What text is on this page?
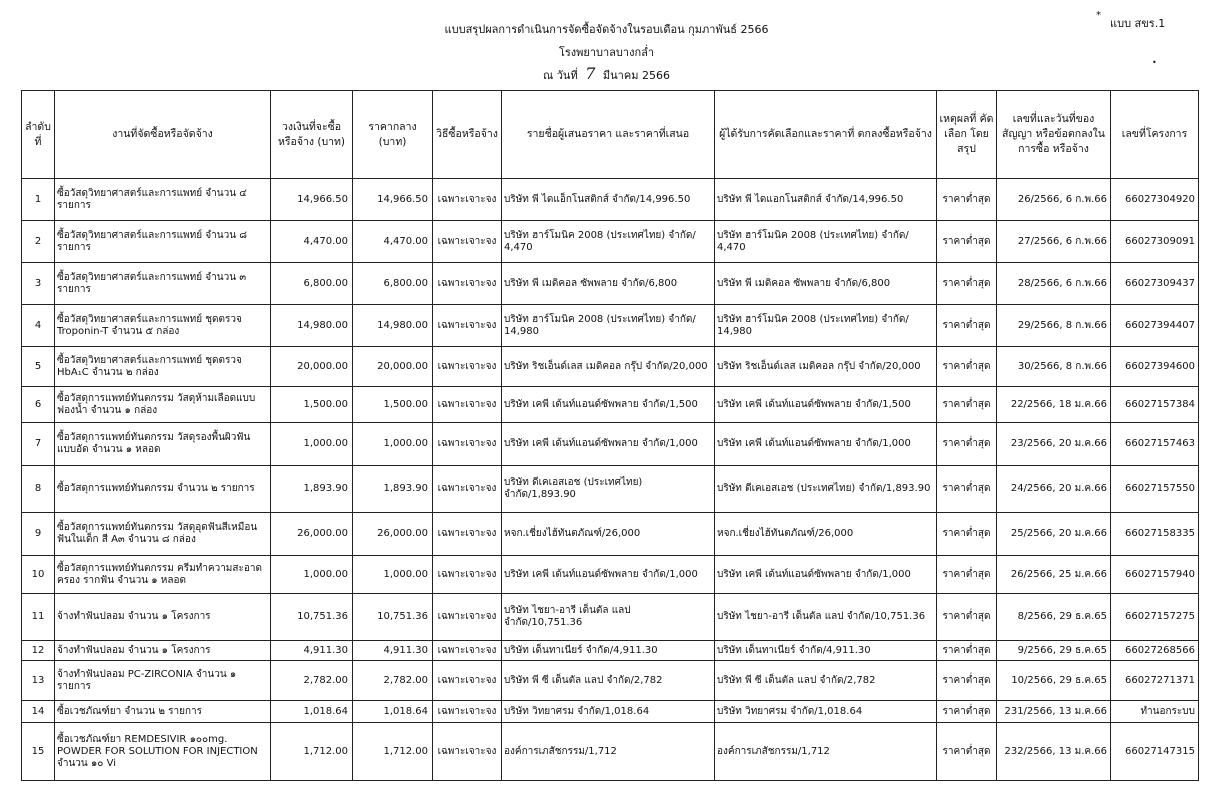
แบบสรุปผลการดำเนินการจัดซื้อจัดจ้างในรอบเดือน กุมภาพันธ์ 2566
*
แบบ สขร.1
โรงพยาบาลบางกล่ำ
•
ณ วันที่ 7 มีนาคม 2566
ลำดับที่	งานที่จัดซื้อหรือจัดจ้าง	วงเงินที่จะซื้อหรือจ้าง (บาท)	ราคากลาง (บาท)	วิธีซื้อหรือจ้าง	รายชื่อผู้เสนอราคา และราคาที่เสนอ	ผู้ได้รับการคัดเลือกและราคาที่ ตกลงซื้อหรือจ้าง	เหตุผลที่ คัดเลือก โดยสรุป	เลขที่และวันที่ของสัญญา หรือข้อตกลงในการซื้อ หรือจ้าง	เลขที่โครงการ
1	ซื้อวัสดุวิทยาศาสตร์และการแพทย์ จำนวน ๔ รายการ	14,966.50	14,966.50	เฉพาะเจาะจง	บริษัท พี ไดแอ็กโนสติกส์ จำกัด/14,996.50	บริษัท พี ไดแอกโนสติกส์ จำกัด/14,996.50	ราคาต่ำสุด	26/2566, 6 ก.พ.66	66027304920
2	ซื้อวัสดุวิทยาศาสตร์และการแพทย์ จำนวน ๘ รายการ	4,470.00	4,470.00	เฉพาะเจาะจง	บริษัท ฮาร์โมนิค 2008 (ประเทศไทย) จำกัด/ 4,470	บริษัท ฮาร์โมนิค 2008 (ประเทศไทย) จำกัด/ 4,470	ราคาต่ำสุด	27/2566, 6 ก.พ.66	66027309091
3	ซื้อวัสดุวิทยาศาสตร์และการแพทย์ จำนวน ๓ รายการ	6,800.00	6,800.00	เฉพาะเจาะจง	บริษัท พี เมดิคอล ซัพพลาย จำกัด/6,800	บริษัท พี เมดิคอล ซัพพลาย จำกัด/6,800	ราคาต่ำสุด	28/2566, 6 ก.พ.66	66027309437
4	ซื้อวัสดุวิทยาศาสตร์และการแพทย์ ชุดตรวจ Troponin-T จำนวน ๕ กล่อง	14,980.00	14,980.00	เฉพาะเจาะจง	บริษัท ฮาร์โมนิค 2008 (ประเทศไทย) จำกัด/ 14,980	บริษัท ฮาร์โมนิค 2008 (ประเทศไทย) จำกัด/ 14,980	ราคาต่ำสุด	29/2566, 8 ก.พ.66	66027394407
5	ซื้อวัสดุวิทยาศาสตร์และการแพทย์ ชุดตรวจ HbA₁C จำนวน ๒ กล่อง	20,000.00	20,000.00	เฉพาะเจาะจง	บริษัท ริชเอ็นด์เลส เมดิคอล กรุ๊ป จำกัด/20,000	บริษัท ริชเอ็นด์เลส เมดิคอล กรุ๊ป จำกัด/20,000	ราคาต่ำสุด	30/2566, 8 ก.พ.66	66027394600
6	ซื้อวัสดุการแพทย์ทันตกรรม วัสดุห้ามเลือดแบบฟองน้ำ จำนวน ๑ กล่อง	1,500.00	1,500.00	เฉพาะเจาะจง	บริษัท เคพี เด้นท์แอนด์ซัพพลาย จำกัด/1,500	บริษัท เคพี เด้นท์แอนด์ซัพพลาย จำกัด/1,500	ราคาต่ำสุด	22/2566, 18 ม.ค.66	66027157384
7	ซื้อวัสดุการแพทย์ทันตกรรม วัสดุรองพื้นผิวฟันแบบอัด จำนวน ๑ หลอด	1,000.00	1,000.00	เฉพาะเจาะจง	บริษัท เคพี เด้นท์แอนด์ซัพพลาย จำกัด/1,000	บริษัท เคพี เด้นท์แอนด์ซัพพลาย จำกัด/1,000	ราคาต่ำสุด	23/2566, 20 ม.ค.66	66027157463
8	ซื้อวัสดุการแพทย์ทันตกรรม จำนวน ๒ รายการ	1,893.90	1,893.90	เฉพาะเจาะจง	บริษัท ดีเคเอสเอช (ประเทศไทย) จำกัด/1,893.90	บริษัท ดีเคเอสเอช (ประเทศไทย) จำกัด/1,893.90	ราคาต่ำสุด	24/2566, 20 ม.ค.66	66027157550
9	ซื้อวัสดุการแพทย์ทันตกรรม วัสดุอุดฟันสีเหมือนฟันในเด็ก สี A๓ จำนวน ๘ กล่อง	26,000.00	26,000.00	เฉพาะเจาะจง	หจก.เชี่ยงไฮ้ทันตภัณฑ์/26,000	หจก.เชี่ยงไฮ้ทันตภัณฑ์/26,000	ราคาต่ำสุด	25/2566, 20 ม.ค.66	66027158335
10	ซื้อวัสดุการแพทย์ทันตกรรม ครีมทำความสะอาดครอง รากฟัน จำนวน ๑ หลอด	1,000.00	1,000.00	เฉพาะเจาะจง	บริษัท เคพี เด้นท์แอนด์ซัพพลาย จำกัด/1,000	บริษัท เคพี เด้นท์แอนด์ซัพพลาย จำกัด/1,000	ราคาต่ำสุด	26/2566, 25 ม.ค.66	66027157940
11	จ้างทำฟันปลอม จำนวน ๑ โครงการ	10,751.36	10,751.36	เฉพาะเจาะจง	บริษัท ไชยา-อารี เด็นตัล แลป จำกัด/10,751.36	บริษัท ไชยา-อารี เด็นตัล แลป จำกัด/10,751.36	ราคาต่ำสุด	8/2566, 29 ธ.ค.65	66027157275
12	จ้างทำฟันปลอม จำนวน ๑ โครงการ	4,911.30	4,911.30	เฉพาะเจาะจง	บริษัท เด็นทาเนียร์ จำกัด/4,911.30	บริษัท เด็นทาเนียร์ จำกัด/4,911.30	ราคาต่ำสุด	9/2566, 29 ธ.ค.65	66027268566
13	จ้างทำฟันปลอม PC-ZIRCONIA จำนวน ๑ รายการ	2,782.00	2,782.00	เฉพาะเจาะจง	บริษัท พี ซี เด็นตัล แลป จำกัด/2,782	บริษัท พี ซี เด็นตัล แลป จำกัด/2,782	ราคาต่ำสุด	10/2566, 29 ธ.ค.65	66027271371
14	ซื้อเวชภัณฑ์ยา จำนวน ๒ รายการ	1,018.64	1,018.64	เฉพาะเจาะจง	บริษัท วิทยาศรม จำกัด/1,018.64	บริษัท วิทยาศรม จำกัด/1,018.64	ราคาต่ำสุด	231/2566, 13 ม.ค.66	ทำนอกระบบ
15	ซื้อเวชภัณฑ์ยา REMDESIVIR ๑๐๐mg. POWDER FOR SOLUTION FOR INJECTION จำนวน ๑๐ Vi	1,712.00	1,712.00	เฉพาะเจาะจง	องค์การเภสัชกรรม/1,712	องค์การเภสัชกรรม/1,712	ราคาต่ำสุด	232/2566, 13 ม.ค.66	66027147315
